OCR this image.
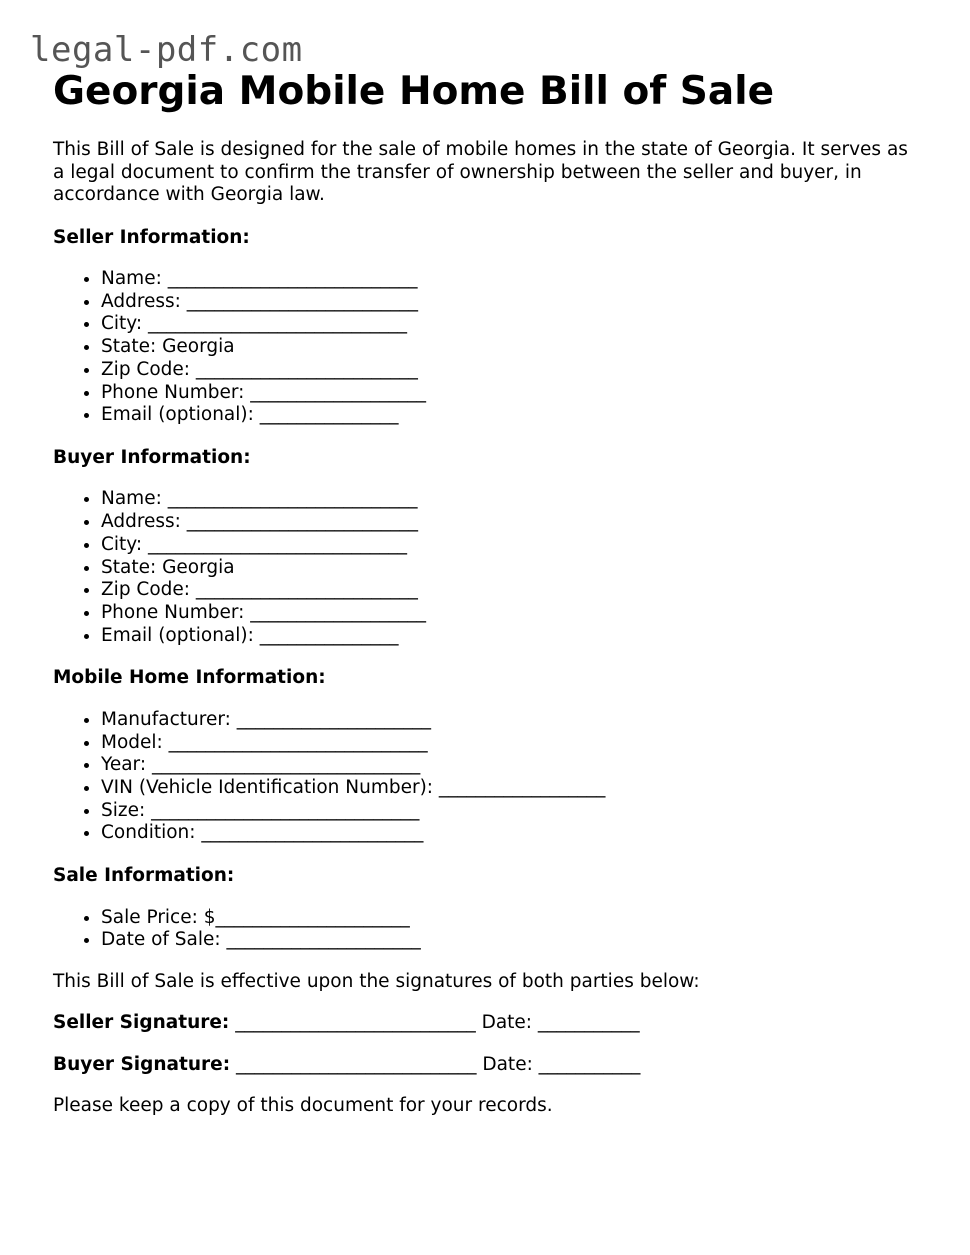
legal-pdf.com
Georgia Mobile Home Bill of Sale

This Bill of Sale is designed for the sale of mobile homes in the state of Georgia. It serves as a legal document to confirm the transfer of ownership between the seller and buyer, in accordance with Georgia law.

Seller Information:

• Name: ___________________________
• Address: _________________________
• City: ____________________________
• State: Georgia
• Zip Code: ________________________
• Phone Number: ___________________
• Email (optional): _______________

Buyer Information:

• Name: ___________________________
• Address: _________________________
• City: ____________________________
• State: Georgia
• Zip Code: ________________________
• Phone Number: ___________________
• Email (optional): _______________

Mobile Home Information:

• Manufacturer: _____________________
• Model: ____________________________
• Year: _____________________________
• VIN (Vehicle Identification Number): __________________
• Size: _____________________________
• Condition: ________________________

Sale Information:

• Sale Price: $_____________________
• Date of Sale: _____________________

This Bill of Sale is effective upon the signatures of both parties below:

Seller Signature: __________________________ Date: ___________

Buyer Signature: __________________________ Date: ___________

Please keep a copy of this document for your records.
